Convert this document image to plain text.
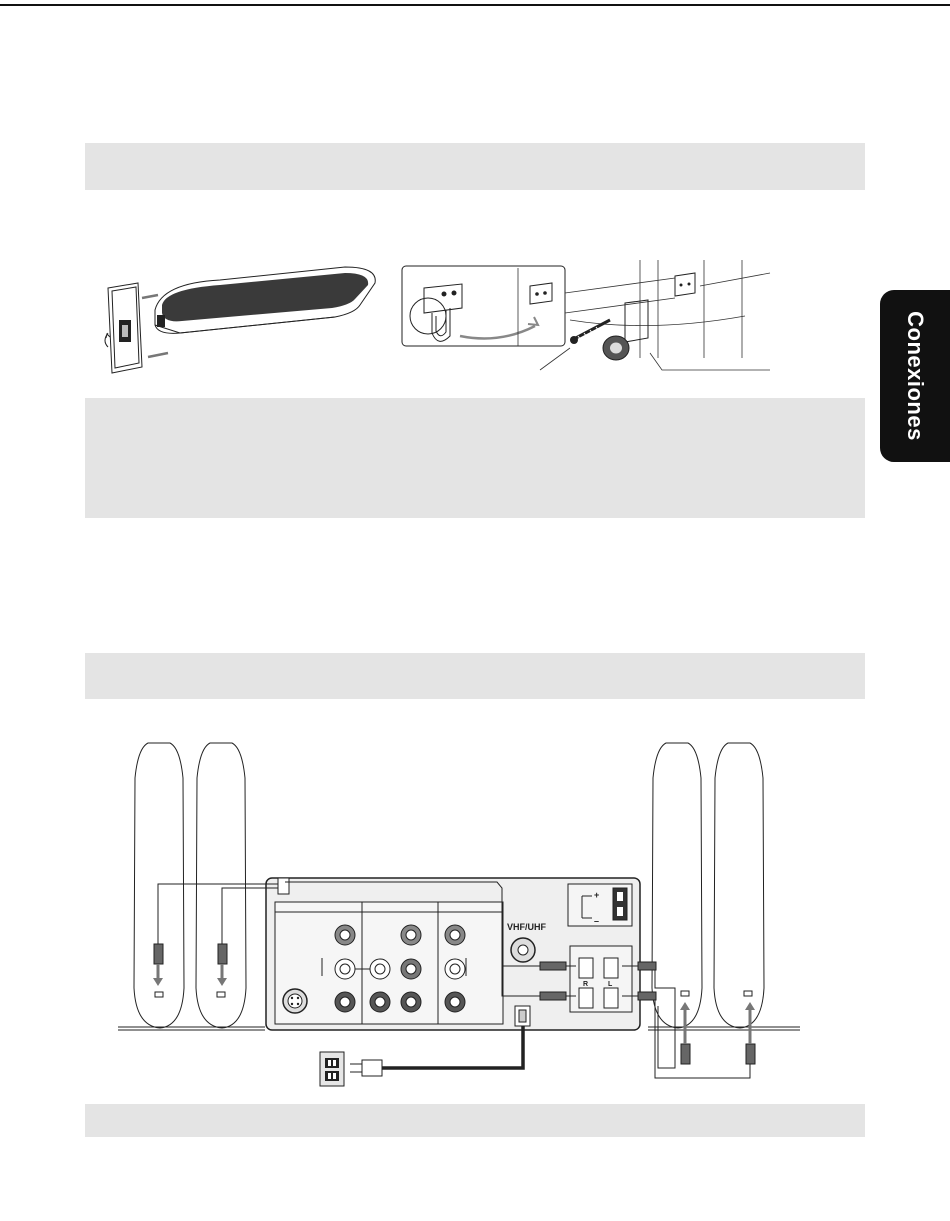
Conexiones
VHF/UHF
+
–
R	L
